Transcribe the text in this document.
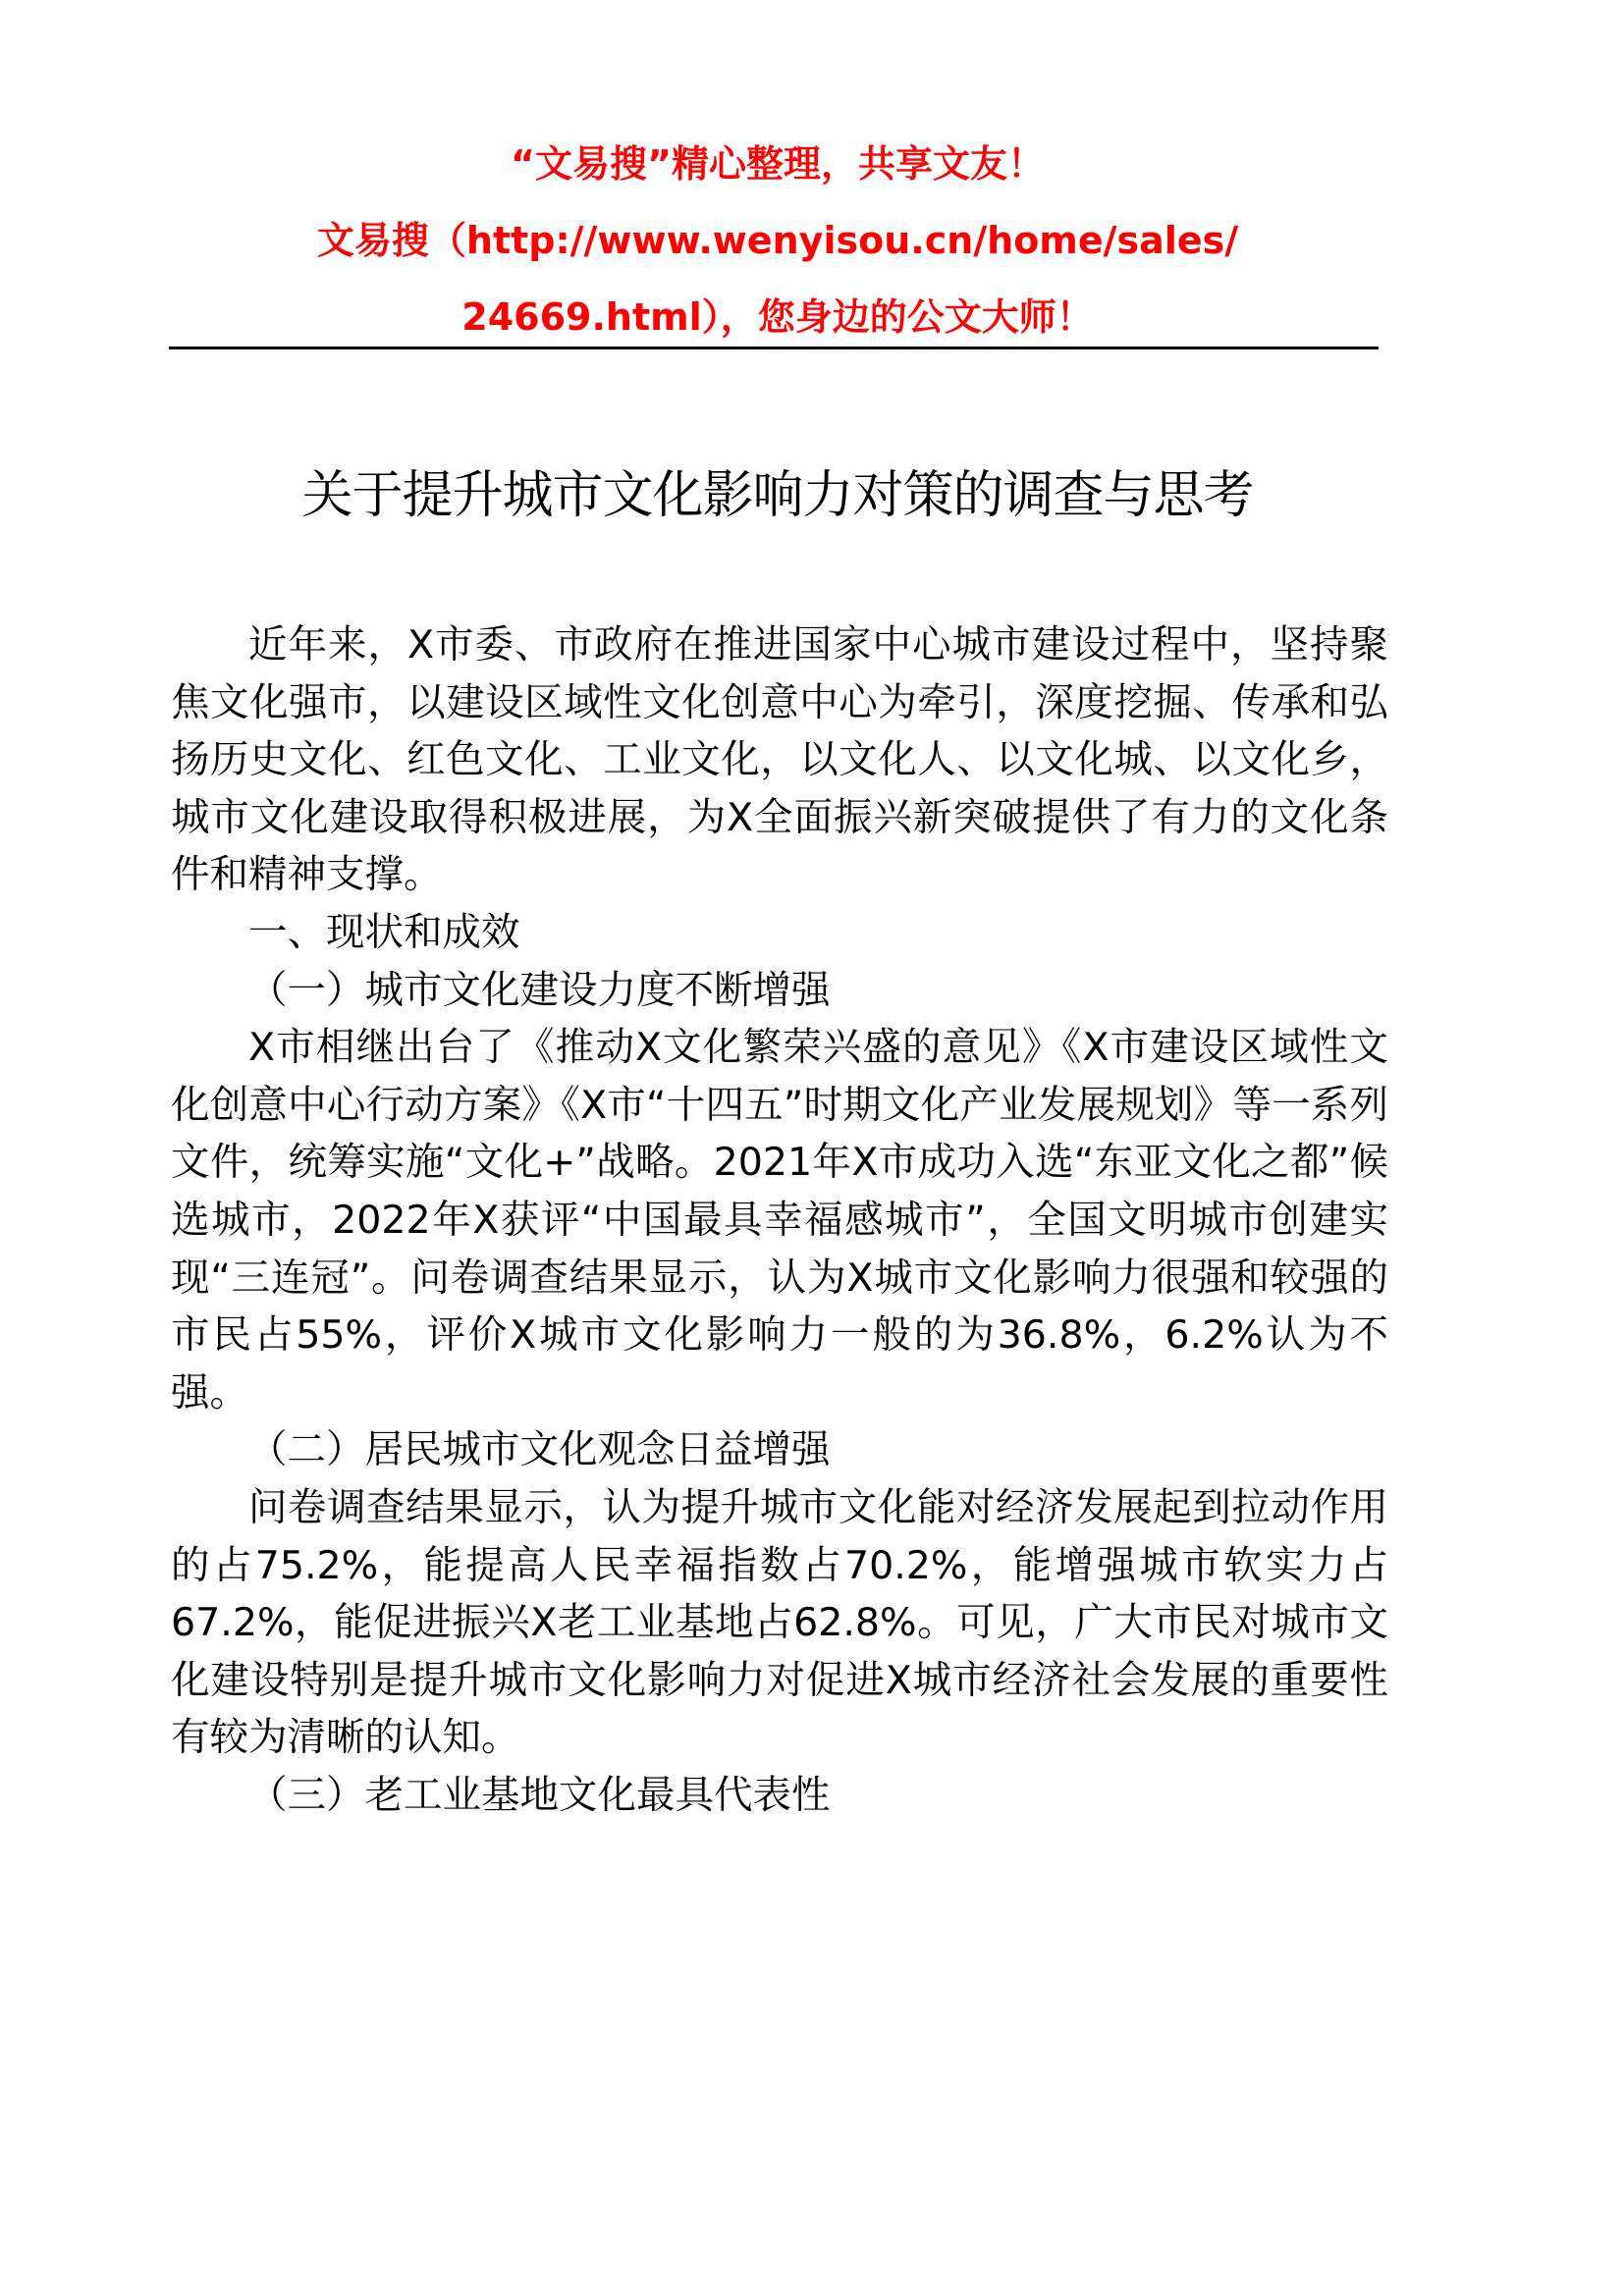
“文易搜”精心整理，共享文友！
文易搜（http://www.wenyisou.cn/home/sales/
24669.html），您身边的公文大师！
关于提升城市文化影响力对策的调查与思考

近年来，X市委、市政府在推进国家中心城市建设过程中，坚持聚焦文化强市，以建设区域性文化创意中心为牵引，深度挖掘、传承和弘扬历史文化、红色文化、工业文化，以文化人、以文化城、以文化乡，城市文化建设取得积极进展，为X全面振兴新突破提供了有力的文化条件和精神支撑。

一、现状和成效

（一）城市文化建设力度不断增强

X市相继出台了《推动X文化繁荣兴盛的意见》《X市建设区域性文化创意中心行动方案》《X市“十四五”时期文化产业发展规划》等一系列文件，统筹实施“文化+”战略。2021年X市成功入选“东亚文化之都”候选城市，2022年X获评“中国最具幸福感城市”，全国文明城市创建实现“三连冠”。问卷调查结果显示，认为X城市文化影响力很强和较强的市民占55%，评价X城市文化影响力一般的为36.8%，6.2%认为不强。

（二）居民城市文化观念日益增强

问卷调查结果显示，认为提升城市文化能对经济发展起到拉动作用的占75.2%，能提高人民幸福指数占70.2%，能增强城市软实力占67.2%，能促进振兴X老工业基地占62.8%。可见，广大市民对城市文化建设特别是提升城市文化影响力对促进X城市经济社会发展的重要性有较为清晰的认知。

（三）老工业基地文化最具代表性
